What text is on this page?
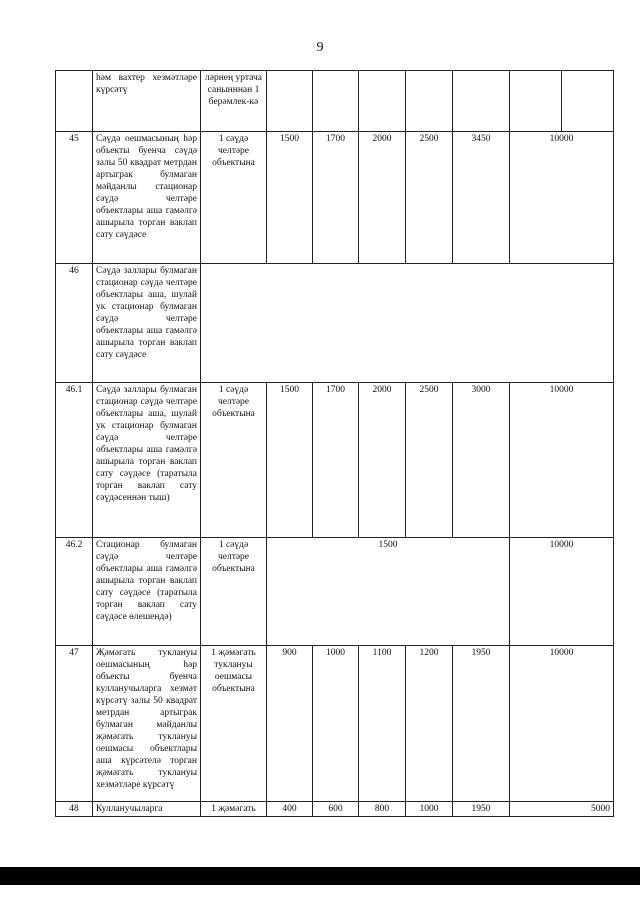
9
	һәм вахтер хезмәтләре күрсәтү	ләрнең уртача санынннан 1 берәмлек-кә							
45	Сәүдә оешмасының һәр объекты буенча сәүдә залы 50 квадрат метрдан артыграк булмаган мәйданлы стационар сәүдә челтәре объектлары аша гамәлгә ашырыла торган ваклап сату сәүдәсе	1 сәүдә челтәре объектына	1500	1700	2000	2500	3450	10000	
46	Сәүдә заллары булмаган стационар сәүдә челтәре объектлары аша, шулай ук стационар булмаган сәүдә челтәре объектлары аша гамәлгә ашырыла торган ваклап сату сәүдәсе								
46.1	Сәүдә заллары булмаган стационар сәүдә челтәре объектлары аша, шулай ук стационар булмаган сәүдә челтәре объектлары аша гамәлгә ашырыла торган ваклап сату сәүдәсе (таратыла торган ваклап сату сәүдәсеннән тыш)	1 сәүдә челтәре объектына	1500	1700	2000	2500	3000	10000	
46.2	Стационар булмаган сәүдә челтәре объектлары аша гамәлгә ашырыла торган ваклап сату сәүдәсе (таратыла торган ваклап сату сәүдәсе өлешендә)	1 сәүдә челтәре объектына	1500					10000	
47	Җәмәгать туклануы оешмасының һәр объекты буенча кулланучыларга хезмәт күрсәтү залы 50 квадрат метрдан артыграк булмаган мәйданлы җәмәгать туклануы оешмасы объектлары аша күрсәтелә торган җәмәгать туклануы хезмәтләре күрсәтү	1 җәмәгать туклануы оешмасы объектына	900	1000	1100	1200	1950	10000	
48	Кулланучыларга	1 җәмәгать	400	600	800	1000	1950	5000	
